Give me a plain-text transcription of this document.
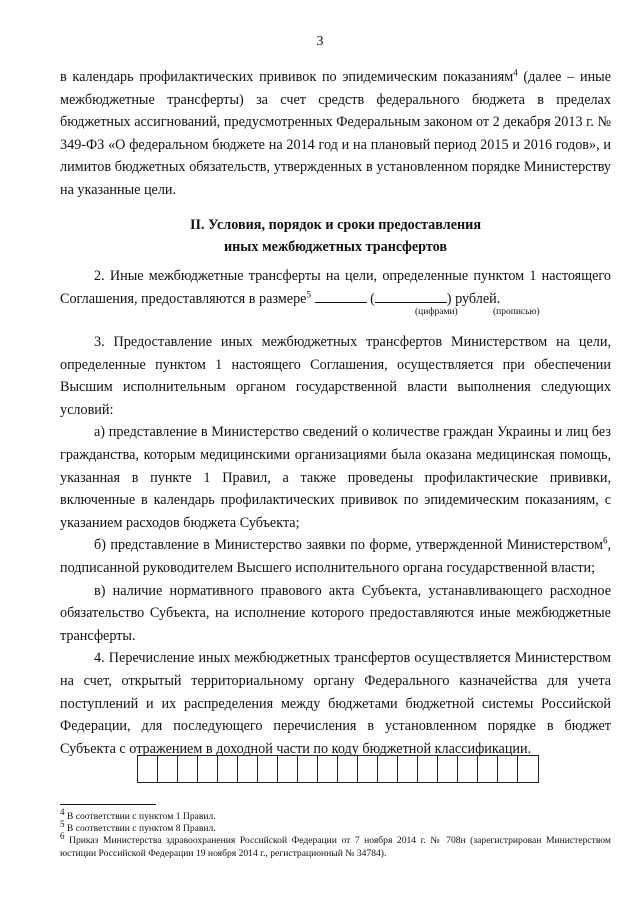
3
в календарь профилактических прививок по эпидемическим показаниям$^4$ (далее – иные межбюджетные трансферты) за счет средств федерального бюджета в пределах бюджетных ассигнований, предусмотренных Федеральным законом от 2 декабря 2013 г. № 349-ФЗ «О федеральном бюджете на 2014 год и на плановый период 2015 и 2016 годов», и лимитов бюджетных обязательств, утвержденных в установленном порядке Министерству на указанные цели.
II. Условия, порядок и сроки предоставления
иных межбюджетных трансфертов
2. Иные межбюджетные трансферты на цели, определенные пунктом 1 настоящего Соглашения, предоставляются в размере$^5$	(	) рублей.
(цифрами)	(прописью)
3. Предоставление иных межбюджетных трансфертов Министерством на цели, определенные пунктом 1 настоящего Соглашения, осуществляется при обеспечении Высшим исполнительным органом государственной власти выполнения следующих условий:
а) представление в Министерство сведений о количестве граждан Украины и лиц без гражданства, которым медицинскими организациями была оказана медицинская помощь, указанная в пункте 1 Правил, а также проведены профилактические прививки, включенные в календарь профилактических прививок по эпидемическим показаниям, с указанием расходов бюджета Субъекта;
б) представление в Министерство заявки по форме, утвержденной Министерством$^6$, подписанной руководителем Высшего исполнительного органа государственной власти;
в) наличие нормативного правового акта Субъекта, устанавливающего расходное обязательство Субъекта, на исполнение которого предоставляются иные межбюджетные трансферты.
4. Перечисление иных межбюджетных трансфертов осуществляется Министерством на счет, открытый территориальному органу Федерального казначейства для учета поступлений и их распределения между бюджетами бюджетной системы Российской Федерации, для последующего перечисления в установленном порядке в бюджет Субъекта с отражением в доходной части по коду бюджетной классификации.
$^4$ В соответствии с пунктом 1 Правил.
$^5$ В соответствии с пунктом 8 Правил.
$^6$ Приказ Министерства здравоохранения Российской Федерации от 7 ноября 2014 г. № 708н (зарегистрирован Министерством юстиции Российской Федерации 19 ноября 2014 г., регистрационный № 34784).
